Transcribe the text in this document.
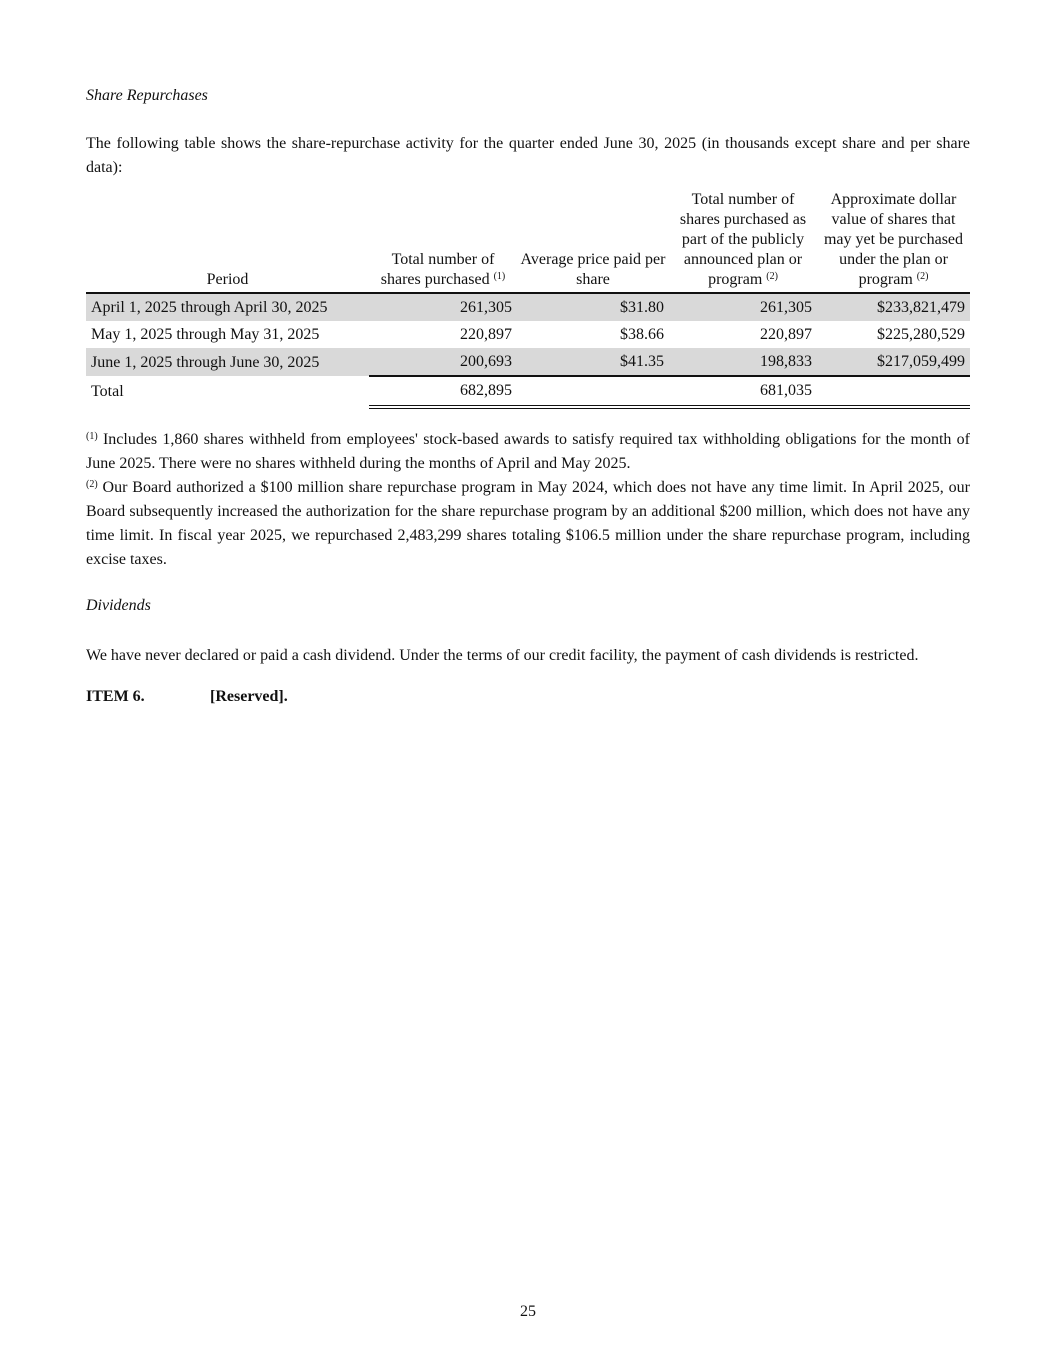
Share Repurchases
The following table shows the share-repurchase activity for the quarter ended June 30, 2025 (in thousands except share and per share data):
Period	Total number of shares purchased $^{(1)}$	Average price paid per share	Total number of shares purchased as part of the publicly announced plan or program $^{(2)}$	Approximate dollar value of shares that may yet be purchased under the plan or program $^{(2)}$
April 1, 2025 through April 30, 2025	261,305	$31.80	261,305	$233,821,479
May 1, 2025 through May 31, 2025	220,897	$38.66	220,897	$225,280,529
June 1, 2025 through June 30, 2025	200,693	$41.35	198,833	$217,059,499
Total	682,895		681,035	
$^{(1)}$ Includes 1,860 shares withheld from employees' stock-based awards to satisfy required tax withholding obligations for the month of June 2025. There were no shares withheld during the months of April and May 2025.
$^{(2)}$ Our Board authorized a $100 million share repurchase program in May 2024, which does not have any time limit. In April 2025, our Board subsequently increased the authorization for the share repurchase program by an additional $200 million, which does not have any time limit. In fiscal year 2025, we repurchased 2,483,299 shares totaling $106.5 million under the share repurchase program, including excise taxes.
Dividends
We have never declared or paid a cash dividend. Under the terms of our credit facility, the payment of cash dividends is restricted.
ITEM 6.	[Reserved].
25
